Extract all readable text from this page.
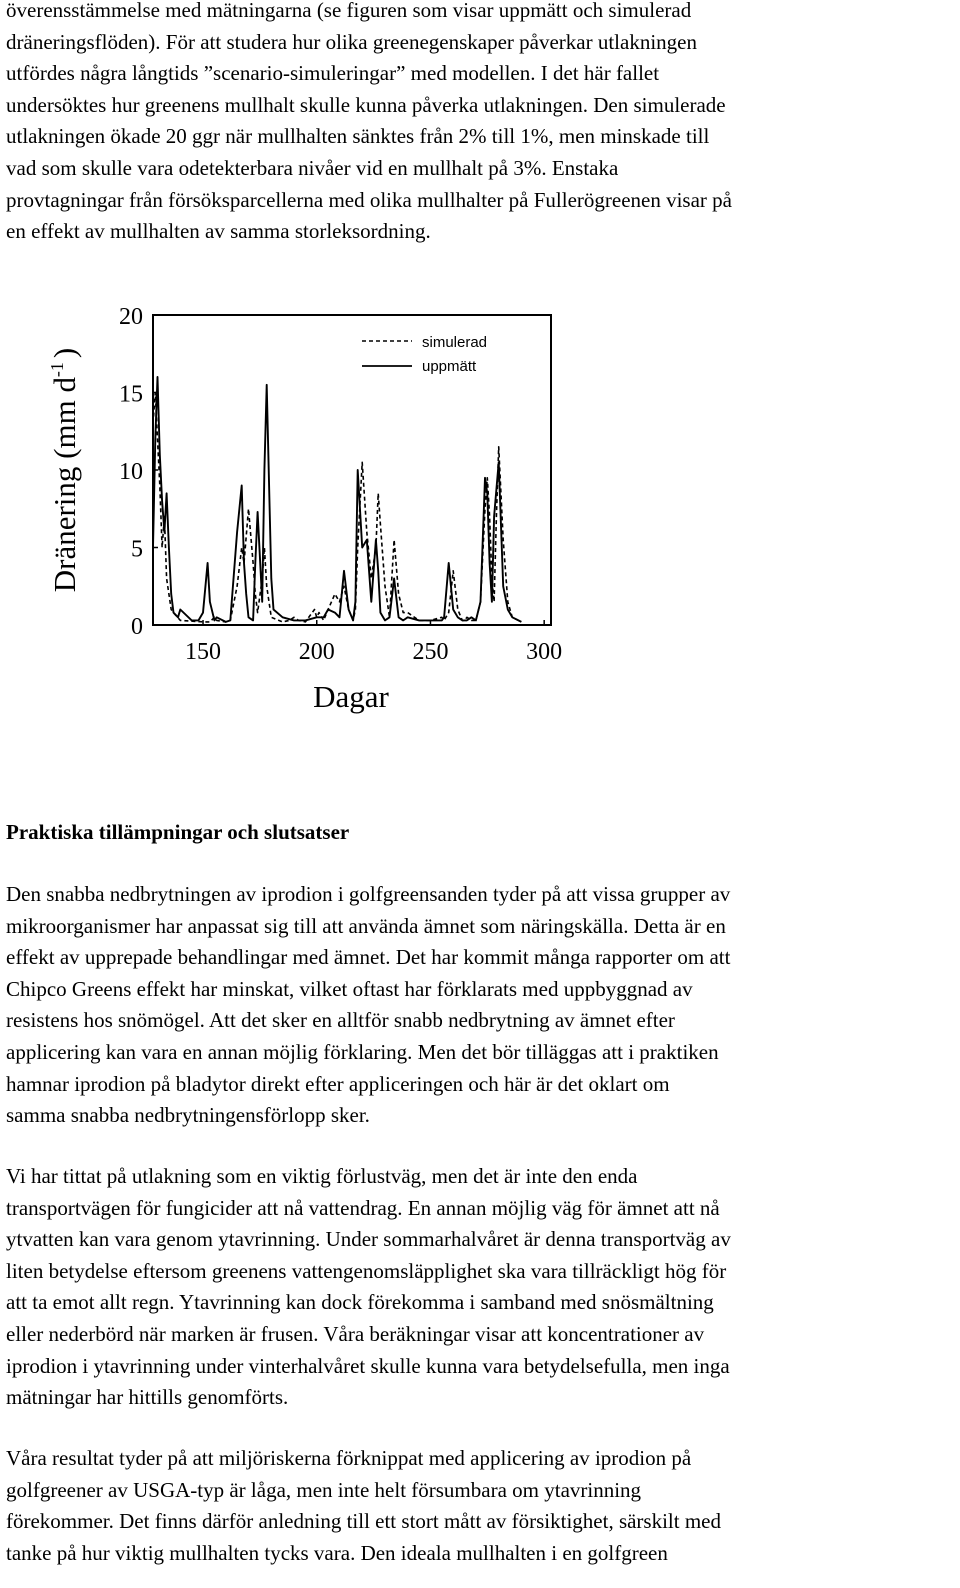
överensstämmelse med mätningarna (se figuren som visar uppmätt och simulerad
dräneringsflöden). För att studera hur olika greenegenskaper påverkar utlakningen
utfördes några långtids ”scenario-simuleringar” med modellen. I det här fallet
undersöktes hur greenens mullhalt skulle kunna påverka utlakningen. Den simulerade
utlakningen ökade 20 ggr när mullhalten sänktes från 2% till 1%, men minskade till
vad som skulle vara odetekterbara nivåer vid en mullhalt på 3%. Enstaka
provtagningar från försöksparcellerna med olika mullhalter på Fullerögreenen visar på
en effekt av mullhalten av samma storleksordning.
simulerad
uppmätt
150	200	250	300
0
5
10
15
20
Dagar
Dränering (mm $d^{-1}$)
Praktiska tillämpningar och slutsatser
Den snabba nedbrytningen av iprodion i golfgreensanden tyder på att vissa grupper av
mikroorganismer har anpassat sig till att använda ämnet som näringskälla. Detta är en
effekt av upprepade behandlingar med ämnet. Det har kommit många rapporter om att
Chipco Greens effekt har minskat, vilket oftast har förklarats med uppbyggnad av
resistens hos snömögel. Att det sker en alltför snabb nedbrytning av ämnet efter
applicering kan vara en annan möjlig förklaring. Men det bör tilläggas att i praktiken
hamnar iprodion på bladytor direkt efter appliceringen och här är det oklart om
samma snabba nedbrytningensförlopp sker.
Vi har tittat på utlakning som en viktig förlustväg, men det är inte den enda
transportvägen för fungicider att nå vattendrag. En annan möjlig väg för ämnet att nå
ytvatten kan vara genom ytavrinning. Under sommarhalvåret är denna transportväg av
liten betydelse eftersom greenens vattengenomsläpplighet ska vara tillräckligt hög för
att ta emot allt regn. Ytavrinning kan dock förekomma i samband med snösmältning
eller nederbörd när marken är frusen. Våra beräkningar visar att koncentrationer av
iprodion i ytavrinning under vinterhalvåret skulle kunna vara betydelsefulla, men inga
mätningar har hittills genomförts.
Våra resultat tyder på att miljöriskerna förknippat med applicering av iprodion på
golfgreener av USGA-typ är låga, men inte helt försumbara om ytavrinning
förekommer. Det finns därför anledning till ett stort mått av försiktighet, särskilt med
tanke på hur viktig mullhalten tycks vara. Den ideala mullhalten i en golfgreen
